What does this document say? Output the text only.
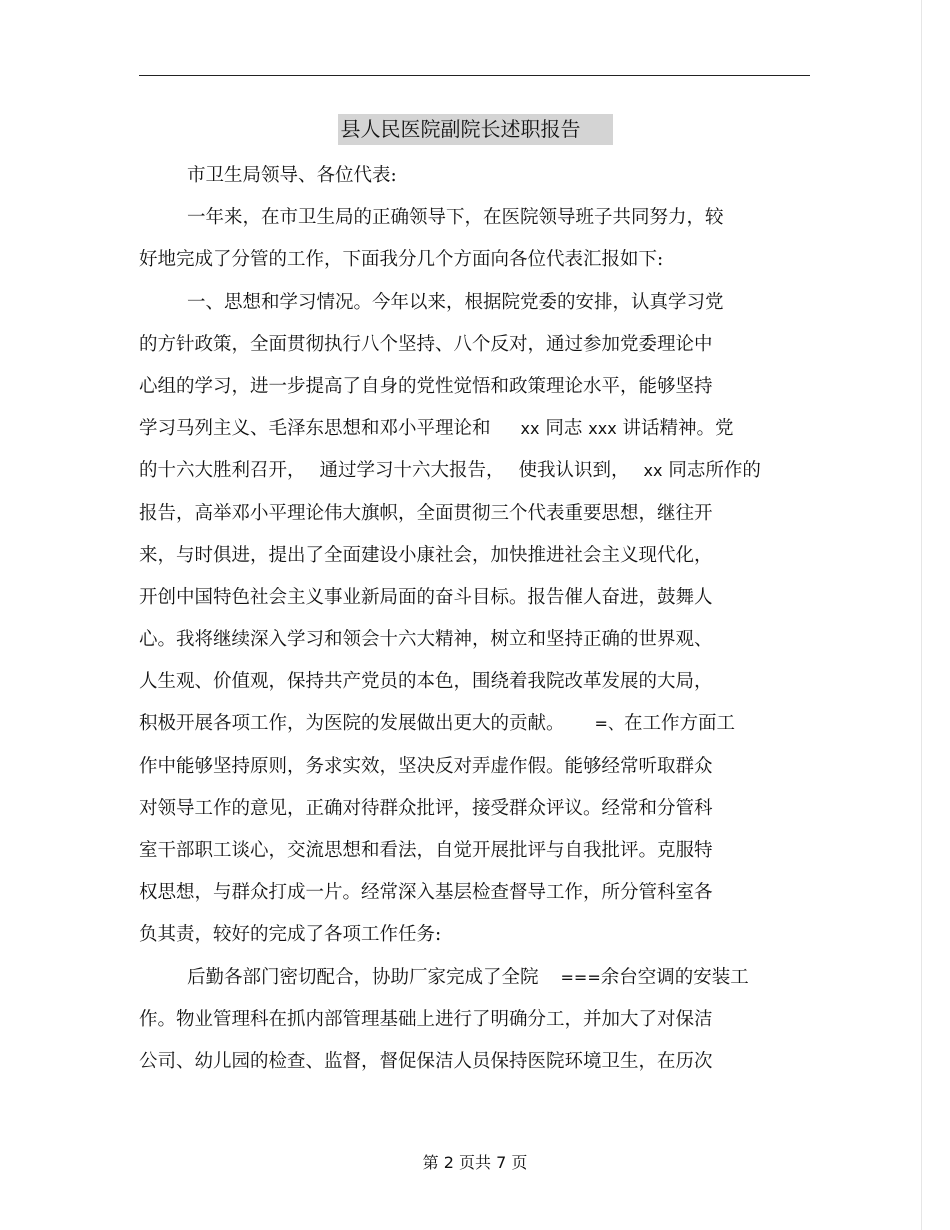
县人民医院副院长述职报告
市卫生局领导、各位代表:
一年来，在市卫生局的正确领导下，在医院领导班子共同努力，较
好地完成了分管的工作，下面我分几个方面向各位代表汇报如下:
一、思想和学习情况。今年以来，根据院党委的安排，认真学习党
的方针政策，全面贯彻执行八个坚持、八个反对，通过参加党委理论中
心组的学习，进一步提高了自身的党性觉悟和政策理论水平，能够坚持
学习马列主义、毛泽东思想和邓小平理论和 xx 同志 xxx 讲话精神。党
的十六大胜利召开， 通过学习十六大报告， 使我认识到， xx 同志所作的
报告，高举邓小平理论伟大旗帜，全面贯彻三个代表重要思想，继往开
来，与时俱进，提出了全面建设小康社会，加快推进社会主义现代化，
开创中国特色社会主义事业新局面的奋斗目标。报告催人奋进，鼓舞人
心。我将继续深入学习和领会十六大精神，树立和坚持正确的世界观、
人生观、价值观，保持共产党员的本色，围绕着我院改革发展的大局，
积极开展各项工作，为医院的发展做出更大的贡献。 =、在工作方面工
作中能够坚持原则，务求实效，坚决反对弄虚作假。能够经常听取群众
对领导工作的意见，正确对待群众批评，接受群众评议。经常和分管科
室干部职工谈心，交流思想和看法，自觉开展批评与自我批评。克服特
权思想，与群众打成一片。经常深入基层检查督导工作，所分管科室各
负其责，较好的完成了各项工作任务:
后勤各部门密切配合，协助厂家完成了全院 ===余台空调的安装工
作。物业管理科在抓内部管理基础上进行了明确分工，并加大了对保洁
公司、幼儿园的检查、监督，督促保洁人员保持医院环境卫生，在历次
第 2 页共 7 页
